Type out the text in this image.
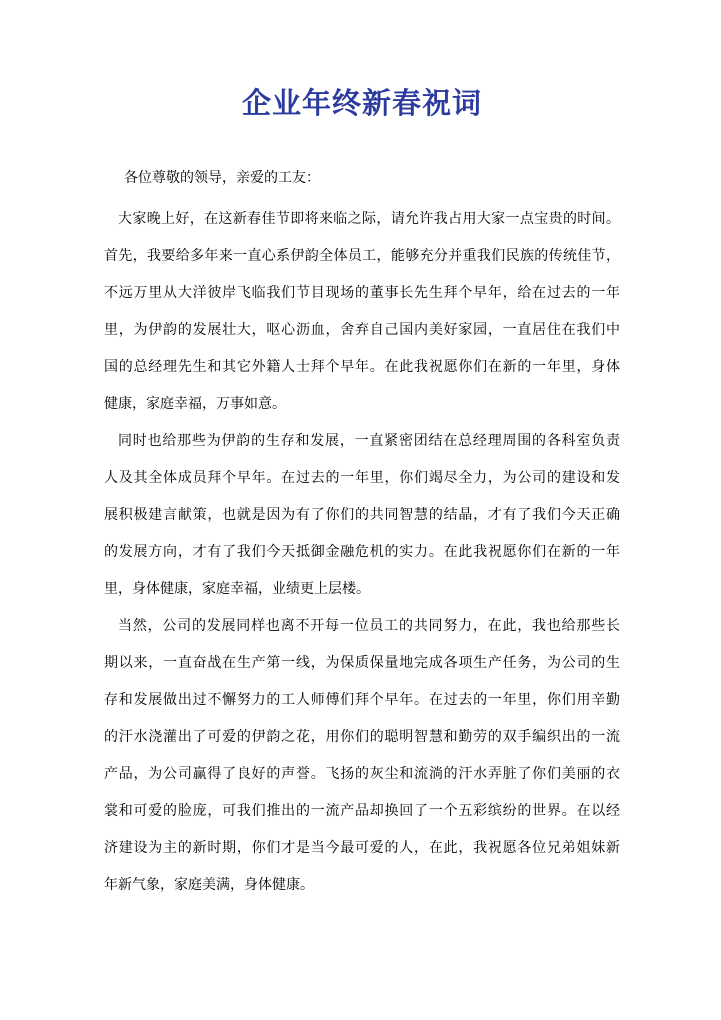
企业年终新春祝词

各位尊敬的领导，亲爱的工友：

大家晚上好，在这新春佳节即将来临之际，请允许我占用大家一点宝贵的时间。

首先，我要给多年来一直心系伊韵全体员工，能够充分并重我们民族的传统佳节，

不远万里从大洋彼岸飞临我们节目现场的董事长先生拜个早年，给在过去的一年

里，为伊韵的发展壮大，呕心沥血，舍弃自己国内美好家园，一直居住在我们中

国的总经理先生和其它外籍人士拜个早年。在此我祝愿你们在新的一年里，身体

健康，家庭幸福，万事如意。

同时也给那些为伊韵的生存和发展，一直紧密团结在总经理周围的各科室负责

人及其全体成员拜个早年。在过去的一年里，你们竭尽全力，为公司的建设和发

展积极建言献策，也就是因为有了你们的共同智慧的结晶，才有了我们今天正确

的发展方向，才有了我们今天抵御金融危机的实力。在此我祝愿你们在新的一年

里，身体健康，家庭幸福，业绩更上层楼。

当然，公司的发展同样也离不开每一位员工的共同努力，在此，我也给那些长

期以来，一直奋战在生产第一线，为保质保量地完成各项生产任务，为公司的生

存和发展做出过不懈努力的工人师傅们拜个早年。在过去的一年里，你们用辛勤

的汗水浇灌出了可爱的伊韵之花，用你们的聪明智慧和勤劳的双手编织出的一流

产品，为公司赢得了良好的声誉。飞扬的灰尘和流淌的汗水弄脏了你们美丽的衣

裳和可爱的脸庞，可我们推出的一流产品却换回了一个五彩缤纷的世界。在以经

济建设为主的新时期，你们才是当今最可爱的人，在此，我祝愿各位兄弟姐妹新

年新气象，家庭美满，身体健康。
